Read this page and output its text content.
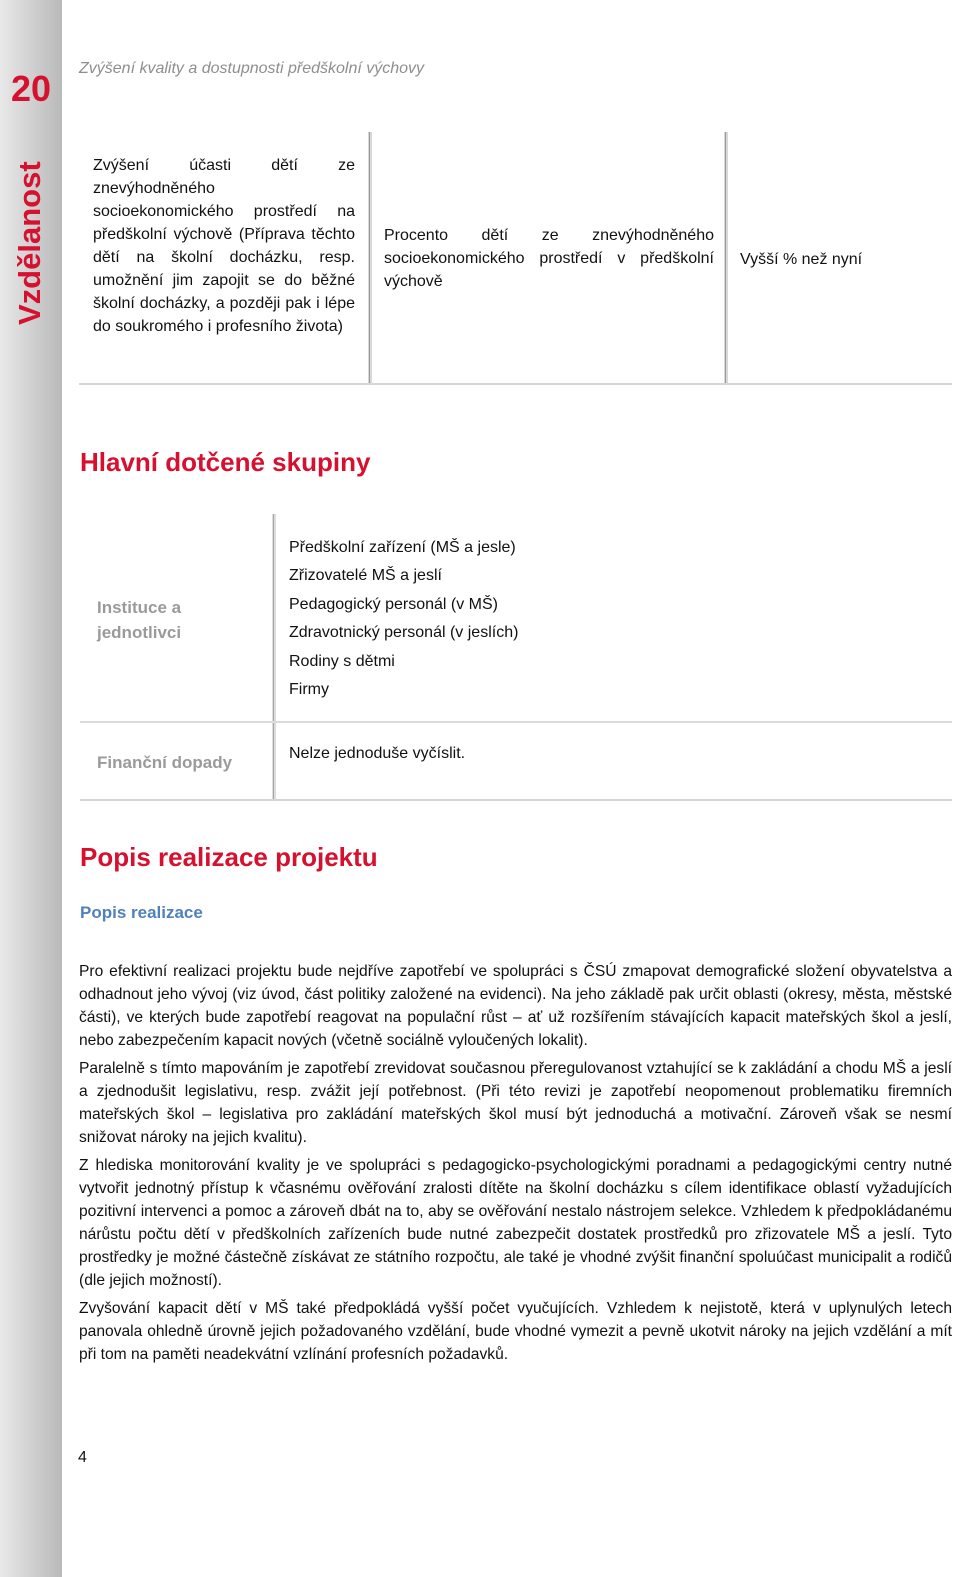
20
Vzdělanost
Zvýšení kvality a dostupnosti předškolní výchovy
Zvýšení účasti dětí ze znevýhodněného socioekonomického prostředí na předškolní výchově (Příprava těchto dětí na školní docházku, resp. umožnění jim zapojit se do běžné školní docházky, a později pak i lépe do soukromého i profesního života)
Procento dětí ze znevýhodněného socioekonomického prostředí v předškolní výchově
Vyšší % než nyní
Hlavní dotčené skupiny
Instituce a jednotlivci
Předškolní zařízení (MŠ a jesle)
Zřizovatelé MŠ a jeslí
Pedagogický personál (v MŠ)
Zdravotnický personál (v jeslích)
Rodiny s dětmi
Firmy
Finanční dopady	Nelze jednoduše vyčíslit.
Popis realizace projektu
Popis realizace

Pro efektivní realizaci projektu bude nejdříve zapotřebí ve spolupráci s ČSÚ zmapovat demografické složení obyvatelstva a odhadnout jeho vývoj (viz úvod, část politiky založené na evidenci). Na jeho základě pak určit oblasti (okresy, města, městské části), ve kterých bude zapotřebí reagovat na populační růst – ať už rozšířením stávajících kapacit mateřských škol a jeslí, nebo zabezpečením kapacit nových (včetně sociálně vyloučených lokalit).

Paralelně s tímto mapováním je zapotřebí zrevidovat současnou přeregulovanost vztahující se k zakládání a chodu MŠ a jeslí a zjednodušit legislativu, resp. zvážit její potřebnost. (Při této revizi je zapotřebí neopomenout problematiku firemních mateřských škol – legislativa pro zakládání mateřských škol musí být jednoduchá a motivační. Zároveň však se nesmí snižovat nároky na jejich kvalitu).

Z hlediska monitorování kvality je ve spolupráci s pedagogicko-psychologickými poradnami a pedagogickými centry nutné vytvořit jednotný přístup k včasnému ověřování zralosti dítěte na školní docházku s cílem identifikace oblastí vyžadujících pozitivní intervenci a pomoc a zároveň dbát na to, aby se ověřování nestalo nástrojem selekce. Vzhledem k předpokládanému nárůstu počtu dětí v předškolních zařízeních bude nutné zabezpečit dostatek prostředků pro zřizovatele MŠ a jeslí. Tyto prostředky je možné částečně získávat ze státního rozpočtu, ale také je vhodné zvýšit finanční spoluúčast municipalit a rodičů (dle jejich možností).

Zvyšování kapacit dětí v MŠ také předpokládá vyšší počet vyučujících. Vzhledem k nejistotě, která v uplynulých letech panovala ohledně úrovně jejich požadovaného vzdělání, bude vhodné vymezit a pevně ukotvit nároky na jejich vzdělání a mít při tom na paměti neadekvátní vzlínání profesních požadavků.

4
